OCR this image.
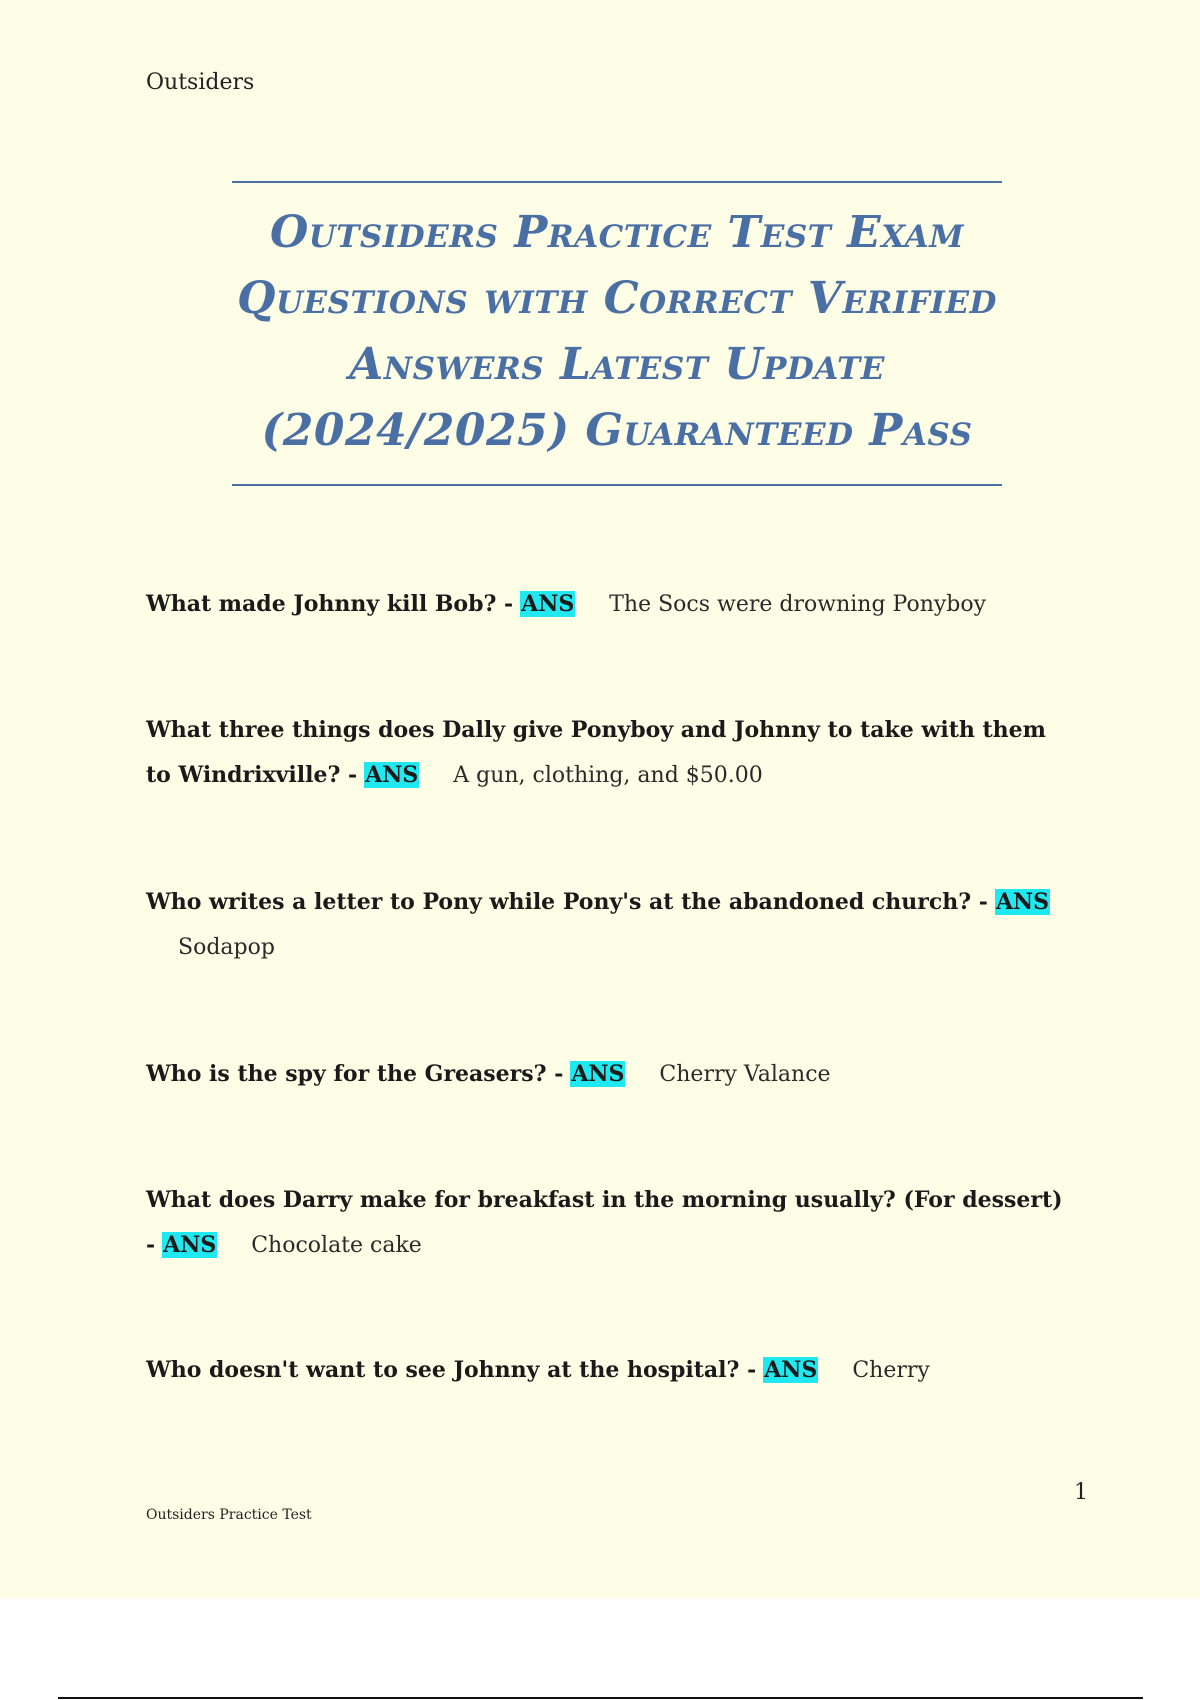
Outsiders
Outsiders Practice Test Exam
Questions with Correct Verified
Answers Latest Update
(2024/2025) Guaranteed Pass
What made Johnny kill Bob? - ANS The Socs were drowning Ponyboy
What three things does Dally give Ponyboy and Johnny to take with them to Windrixville? - ANS A gun, clothing, and $50.00
Who writes a letter to Pony while Pony's at the abandoned church? - ANS
Sodapop
Who is the spy for the Greasers? - ANS Cherry Valance
What does Darry make for breakfast in the morning usually? (For dessert) - ANS Chocolate cake
Who doesn't want to see Johnny at the hospital? - ANS Cherry
1
Outsiders Practice Test
